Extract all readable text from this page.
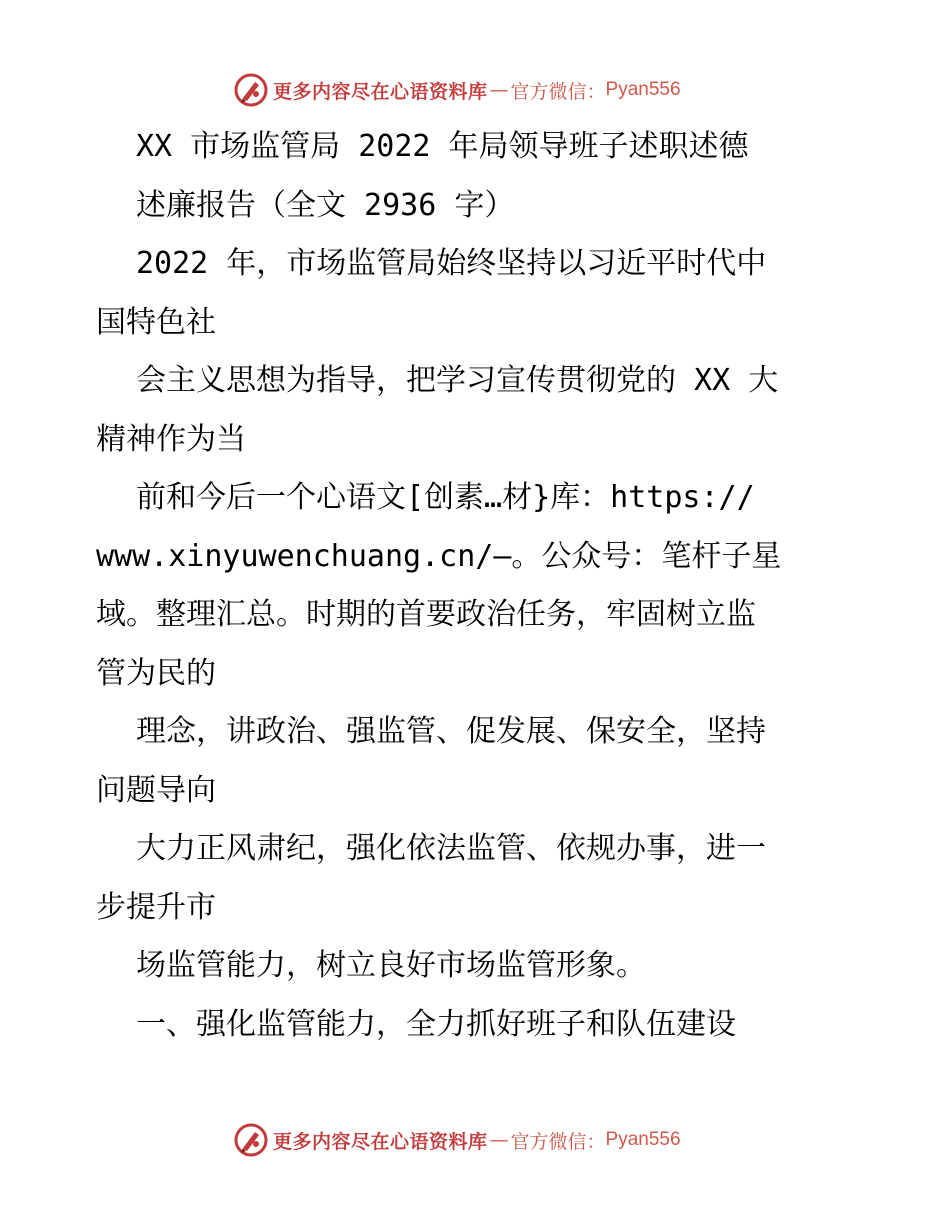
更多内容尽在心语资料库 — 官方微信： Pyan556
XX 市场监管局 2022 年局领导班子述职述德
述廉报告（全文 2936 字）
2022 年，市场监管局始终坚持以习近平时代中
国特色社
会主义思想为指导，把学习宣传贯彻党的 XX 大
精神作为当
前和今后一个心语文[创素…材}库：https://
www.xinyuwenchuang.cn/—。公众号：笔杆子星
域。整理汇总。时期的首要政治任务，牢固树立监
管为民的
理念，讲政治、强监管、促发展、保安全，坚持
问题导向
大力正风肃纪，强化依法监管、依规办事，进一
步提升市
场监管能力，树立良好市场监管形象。
一、强化监管能力，全力抓好班子和队伍建设
更多内容尽在心语资料库 — 官方微信： Pyan556
